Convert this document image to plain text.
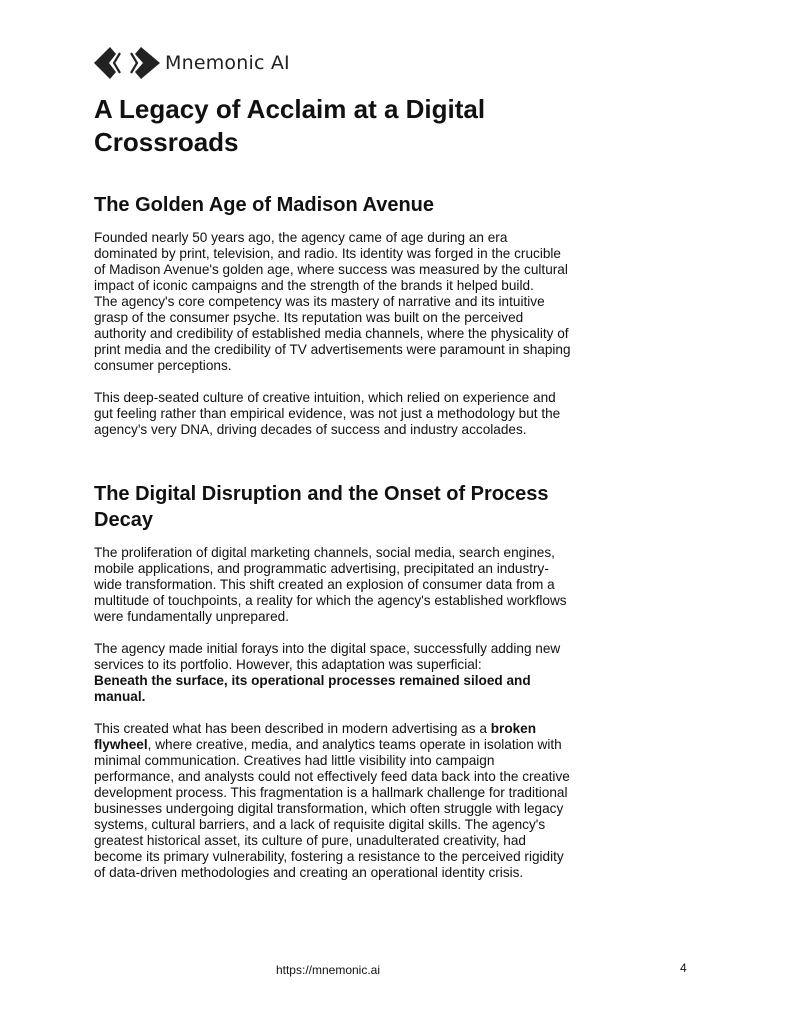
Mnemonic AI
A Legacy of Acclaim at a Digital Crossroads
The Golden Age of Madison Avenue

Founded nearly 50 years ago, the agency came of age during an era dominated by print, television, and radio. Its identity was forged in the crucible of Madison Avenue's golden age, where success was measured by the cultural impact of iconic campaigns and the strength of the brands it helped build.

The agency's core competency was its mastery of narrative and its intuitive grasp of the consumer psyche. Its reputation was built on the perceived authority and credibility of established media channels, where the physicality of print media and the credibility of TV advertisements were paramount in shaping consumer perceptions.

This deep-seated culture of creative intuition, which relied on experience and gut feeling rather than empirical evidence, was not just a methodology but the agency's very DNA, driving decades of success and industry accolades.

The Digital Disruption and the Onset of Process Decay

The proliferation of digital marketing channels, social media, search engines, mobile applications, and programmatic advertising, precipitated an industry-wide transformation. This shift created an explosion of consumer data from a multitude of touchpoints, a reality for which the agency's established workflows were fundamentally unprepared.

The agency made initial forays into the digital space, successfully adding new services to its portfolio. However, this adaptation was superficial:
Beneath the surface, its operational processes remained siloed and manual.

This created what has been described in modern advertising as a broken flywheel, where creative, media, and analytics teams operate in isolation with minimal communication. Creatives had little visibility into campaign performance, and analysts could not effectively feed data back into the creative development process. This fragmentation is a hallmark challenge for traditional businesses undergoing digital transformation, which often struggle with legacy systems, cultural barriers, and a lack of requisite digital skills. The agency's greatest historical asset, its culture of pure, unadulterated creativity, had become its primary vulnerability, fostering a resistance to the perceived rigidity of data-driven methodologies and creating an operational identity crisis.

https://mnemonic.ai	4
